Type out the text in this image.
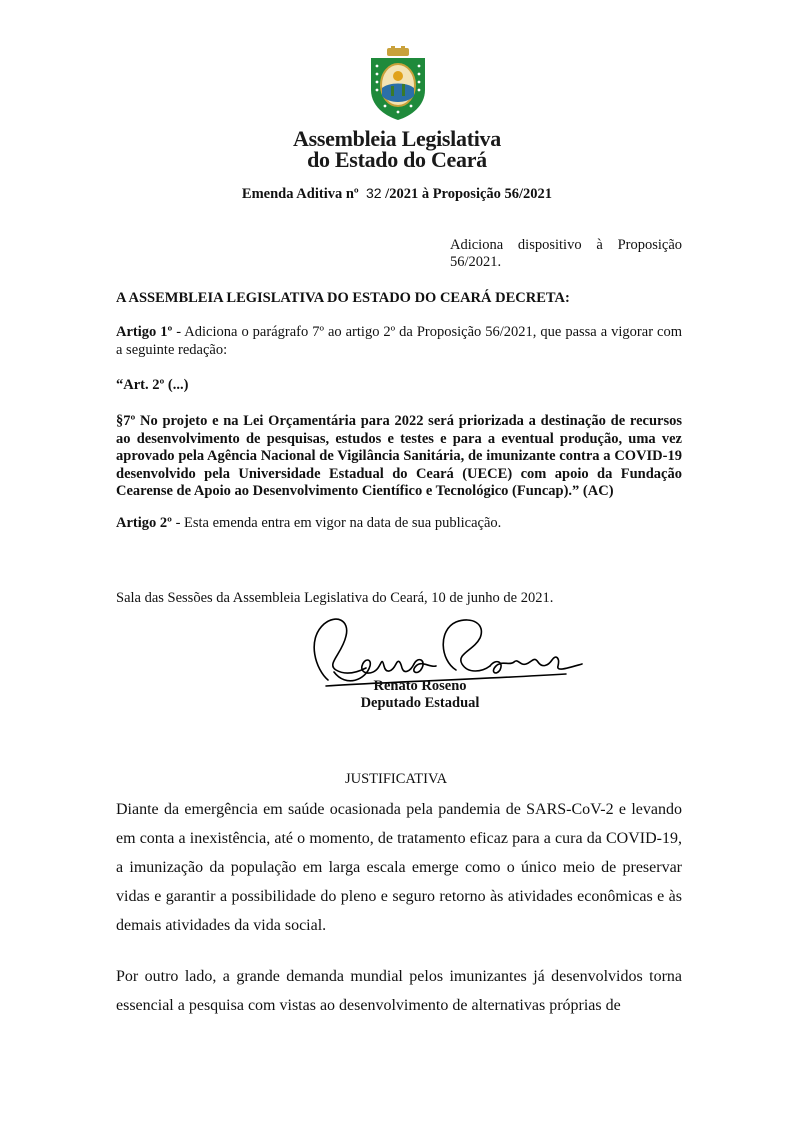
Assembleia Legislativa
do Estado do Ceará
Emenda Aditiva nº 32 /2021 à Proposição 56/2021
Adiciona dispositivo à Proposição
56/2021.

A ASSEMBLEIA LEGISLATIVA DO ESTADO DO CEARÁ DECRETA:

Artigo 1º - Adiciona o parágrafo 7º ao artigo 2º da Proposição 56/2021, que passa a vigorar com a seguinte redação:

“Art. 2º (...)

§7º No projeto e na Lei Orçamentária para 2022 será priorizada a destinação de recursos ao desenvolvimento de pesquisas, estudos e testes e para a eventual produção, uma vez aprovado pela Agência Nacional de Vigilância Sanitária, de imunizante contra a COVID-19 desenvolvido pela Universidade Estadual do Ceará (UECE) com apoio da Fundação Cearense de Apoio ao Desenvolvimento Científico e Tecnológico (Funcap).” (AC)

Artigo 2º - Esta emenda entra em vigor na data de sua publicação.

Sala das Sessões da Assembleia Legislativa do Ceará, 10 de junho de 2021.

Renato Roseno
Deputado Estadual
JUSTIFICATIVA

Diante da emergência em saúde ocasionada pela pandemia de SARS-CoV-2 e levando em conta a inexistência, até o momento, de tratamento eficaz para a cura da COVID-19, a imunização da população em larga escala emerge como o único meio de preservar vidas e garantir a possibilidade do pleno e seguro retorno às atividades econômicas e às demais atividades da vida social.

Por outro lado, a grande demanda mundial pelos imunizantes já desenvolvidos torna essencial a pesquisa com vistas ao desenvolvimento de alternativas próprias de
